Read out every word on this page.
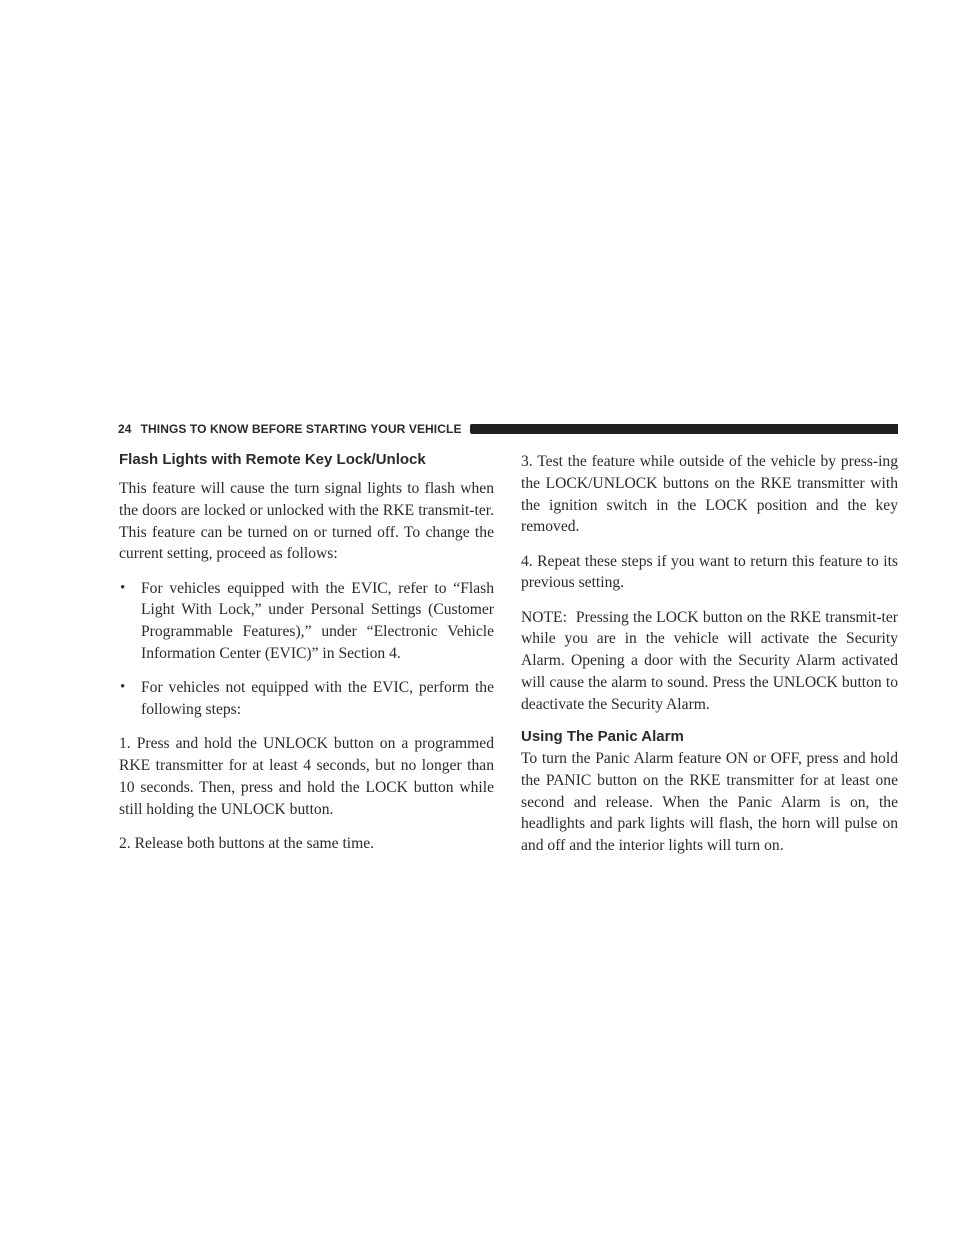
24 THINGS TO KNOW BEFORE STARTING YOUR VEHICLE
Flash Lights with Remote Key Lock/Unlock

This feature will cause the turn signal lights to flash when the doors are locked or unlocked with the RKE transmit-ter. This feature can be turned on or turned off. To change the current setting, proceed as follows:

• For vehicles equipped with the EVIC, refer to “Flash Light With Lock,” under Personal Settings (Customer Programmable Features),” under “Electronic Vehicle Information Center (EVIC)” in Section 4.
• For vehicles not equipped with the EVIC, perform the following steps:

1. Press and hold the UNLOCK button on a programmed RKE transmitter for at least 4 seconds, but no longer than 10 seconds. Then, press and hold the LOCK button while still holding the UNLOCK button.

2. Release both buttons at the same time.

3. Test the feature while outside of the vehicle by press-ing the LOCK/UNLOCK buttons on the RKE transmitter with the ignition switch in the LOCK position and the key removed.

4. Repeat these steps if you want to return this feature to its previous setting.

NOTE: Pressing the LOCK button on the RKE transmit-ter while you are in the vehicle will activate the Security Alarm. Opening a door with the Security Alarm activated will cause the alarm to sound. Press the UNLOCK button to deactivate the Security Alarm.

Using The Panic Alarm

To turn the Panic Alarm feature ON or OFF, press and hold the PANIC button on the RKE transmitter for at least one second and release. When the Panic Alarm is on, the headlights and park lights will flash, the horn will pulse on and off and the interior lights will turn on.
